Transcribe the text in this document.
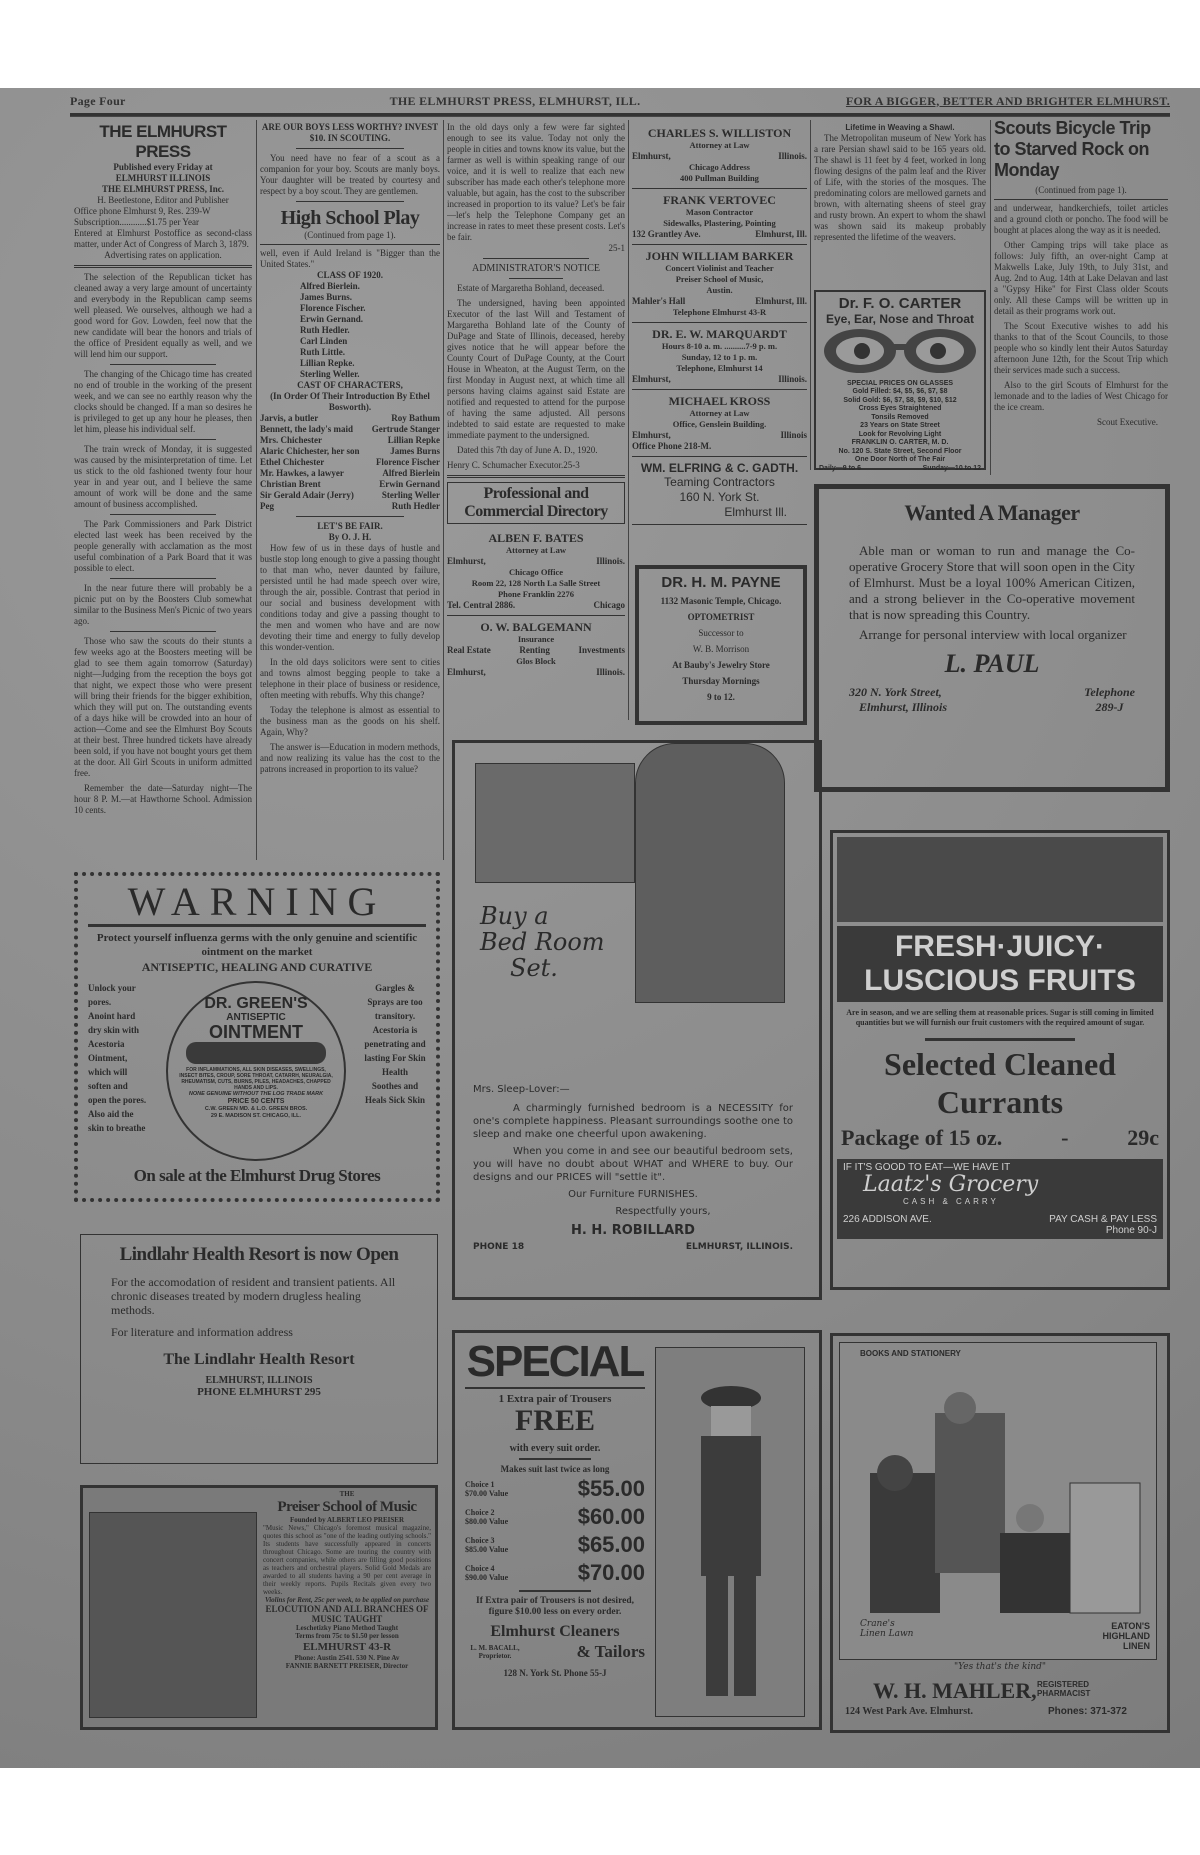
Page Four	THE ELMHURST PRESS, ELMHURST, ILL.	FOR A BIGGER, BETTER AND BRIGHTER ELMHURST.
THE ELMHURST PRESS
Published every Friday at
ELMHURST ILLINOIS
THE ELMHURST PRESS, Inc.
H. Beetlestone, Editor and Publisher
Office phone Elmhurst 9, Res. 239-W
Subscription............$1.75 per Year
Entered at Elmhurst Postoffice as second-class matter, under Act of Congress of March 3, 1879.
Advertising rates on application.

The selection of the Republican ticket has cleaned away a very large amount of uncertainty and everybody in the Republican camp seems well pleased. We ourselves, although we had a good word for Gov. Lowden, feel now that the new candidate will bear the honors and trials of the office of President equally as well, and we will lend him our support.

The changing of the Chicago time has created no end of trouble in the working of the present week, and we can see no earthly reason why the clocks should be changed. If a man so desires he is privileged to get up any hour he pleases, then let him, please his individual self.

The train wreck of Monday, it is suggested was caused by the misinterpretation of time. Let us stick to the old fashioned twenty four hour year in and year out, and I believe the same amount of work will be done and the same amount of business accomplished.

The Park Commissioners and Park District elected last week has been received by the people generally with acclamation as the most useful combination of a Park Board that it was possible to elect.

In the near future there will probably be a picnic put on by the Boosters Club somewhat similar to the Business Men's Picnic of two years ago.

Those who saw the scouts do their stunts a few weeks ago at the Boosters meeting will be glad to see them again tomorrow (Saturday) night—Judging from the reception the boys got that night, we expect those who were present will bring their friends for the bigger exhibition, which they will put on. The outstanding events of a days hike will be crowded into an hour of action—Come and see the Elmhurst Boy Scouts at their best. Three hundred tickets have already been sold, if you have not bought yours get them at the door. All Girl Scouts in uniform admitted free.

Remember the date—Saturday night—The hour 8 P. M.—at Hawthorne School. Admission 10 cents.

ARE OUR BOYS LESS WORTHY? INVEST $10. IN SCOUTING.

You need have no fear of a scout as a companion for your boy. Scouts are manly boys. Your daughter will be treated by courtesy and respect by a boy scout. They are gentlemen.

High School Play
(Continued from page 1).
well, even if Auld Ireland is "Bigger than the United States."
CLASS OF 1920.
Alfred Bierlein.
James Burns.
Florence Fischer.
Erwin Gernand.
Ruth Hedler.
Carl Linden
Ruth Little.
Lillian Repke.
Sterling Weller.
CAST OF CHARACTERS,
(In Order Of Their Introduction By Ethel Bosworth).
Jarvis, a butler	Roy Bathum
Bennett, the lady's maid Gertrude Stanger
Mrs. Chichester	Lillian Repke
Alaric Chichester, her son	James Burns
Ethel Chichester	Florence Fischer
Mr. Hawkes, a lawyer	Alfred Bierlein
Christian Brent	Erwin Gernand
Sir Gerald Adair (Jerry)	Sterling Weller
Peg	Ruth Hedler
LET'S BE FAIR.
By O. J. H.

How few of us in these days of hustle and bustle stop long enough to give a passing thought to that man who, never daunted by failure, persisted until he had made speech over wire, through the air, possible. Contrast that period in our social and business development with conditions today and give a passing thought to the men and women who have and are now devoting their time and energy to fully develop this wonder-vention.

In the old days solicitors were sent to cities and towns almost begging people to take a telephone in their place of business or residence, often meeting with rebuffs. Why this change?

Today the telephone is almost as essential to the business man as the goods on his shelf. Again, Why?

The answer is—Education in modern methods, and now realizing its value has the cost to the patrons increased in proportion to its value?

In the old days only a few were far sighted enough to see its value. Today not only the people in cities and towns know its value, but the farmer as well is within speaking range of our voice, and it is well to realize that each new subscriber has made each other's telephone more valuable, but again, has the cost to the subscriber increased in proportion to its value? Let's be fair—let's help the Telephone Company get an increase in rates to meet these present costs. Let's be fair.
25-1
ADMINISTRATOR'S NOTICE

Estate of Margaretha Bohland, deceased.

The undersigned, having been appointed Executor of the last Will and Testament of Margaretha Bohland late of the County of DuPage and State of Illinois, deceased, hereby gives notice that he will appear before the County Court of DuPage County, at the Court House in Wheaton, at the August Term, on the first Monday in August next, at which time all persons having claims against said Estate are notified and requested to attend for the purpose of having the same adjusted. All persons indebted to said estate are requested to make immediate payment to the undersigned.

Dated this 7th day of June A. D., 1920.

Henry C. Schumacher Executor.25-3
Professional and Commercial Directory
ALBEN F. BATES
Attorney at Law
Elmhurst,	Illinois.
Chicago Office
Room 22, 128 North La Salle Street
Phone Franklin 2276
Tel. Central 2886.	Chicago
O. W. BALGEMANN
Insurance
Real Estate	Renting	Investments
Glos Block
Elmhurst,	Illinois.
CHARLES S. WILLISTON
Attorney at Law
Elmhurst,	Illinois.
Chicago Address
400 Pullman Building
FRANK VERTOVEC
Mason Contractor
Sidewalks, Plastering, Pointing
132 Grantley Ave.	Elmhurst, Ill.
JOHN WILLIAM BARKER
Concert Violinist and Teacher
Preiser School of Music,
Austin.
Mahler's Hall	Elmhurst, Ill.
Telephone Elmhurst 43-R
DR. E. W. MARQUARDT
Hours 8-10 a. m. ..........7-9 p. m.
Sunday, 12 to 1 p. m.
Telephone, Elmhurst 14
Elmhurst,	Illinois.
MICHAEL KROSS
Attorney at Law
Office, Genslein Building.
Elmhurst,	Illinois
Office Phone 218-M.
WM. ELFRING & C. GADTH.
Teaming Contractors
160 N. York St.
Elmhurst Ill.
DR. H. M. PAYNE
1132 Masonic Temple, Chicago.
OPTOMETRIST
Successor to
W. B. Morrison
At Bauby's Jewelry Store
Thursday Mornings
9 to 12.
Lifetime in Weaving a Shawl.

The Metropolitan museum of New York has a rare Persian shawl said to be 165 years old. The shawl is 11 feet by 4 feet, worked in long flowing designs of the palm leaf and the River of Life, with the stories of the mosques. The predominating colors are mellowed garnets and brown, with alternating sheens of steel gray and rusty brown. An expert to whom the shawl was shown said its makeup probably represented the lifetime of the weavers.

Dr. F. O. CARTER
Eye, Ear, Nose and Throat
SPECIAL PRICES ON GLASSES
Gold Filled: $4, $5, $6, $7, $8
Solid Gold: $6, $7, $8, $9, $10, $12
Cross Eyes Straightened
Tonsils Removed
23 Years on State Street
Look for Revolving Light
FRANKLIN O. CARTER, M. D.
No. 120 S. State Street, Second Floor
One Door North of The Fair
Daily—9 to 6	Sunday—10 to 12
Scouts Bicycle Trip to Starved Rock on Monday
(Continued from page 1).

and underwear, handkerchiefs, toilet articles and a ground cloth or poncho. The food will be bought at places along the way as it is needed.

Other Camping trips will take place as follows: July fifth, an over-night Camp at Makwells Lake, July 19th, to July 31st, and Aug. 2nd to Aug. 14th at Lake Delavan and last a "Gypsy Hike" for First Class older Scouts only. All these Camps will be written up in detail as their programs work out.

The Scout Executive wishes to add his thanks to that of the Scout Councils, to those people who so kindly lent their Autos Saturday afternoon June 12th, for the Scout Trip which their services made such a success.

Also to the girl Scouts of Elmhurst for the lemonade and to the ladies of West Chicago for the ice cream.

Scout Executive.
Wanted A Manager

Able man or woman to run and manage the Co-operative Grocery Store that will soon open in the City of Elmhurst. Must be a loyal 100% American Citizen, and a strong believer in the Co-operative movement that is now spreading this Country.

Arrange for personal interview with local organizer

L. PAUL
320 N. York Street,
Elmhurst, Illinois
Telephone
289-J
WARNING
Protect yourself influenza germs with the only genuine and scientific ointment on the market
ANTISEPTIC, HEALING AND CURATIVE
Unlock your pores.
Anoint hard dry skin with Acestoria Ointment, which will soften and open the pores.
Also aid the skin to breathe
DR. GREEN'S
ANTISEPTIC
OINTMENT
FOR INFLAMMATIONS, ALL SKIN DISEASES, SWELLINGS, INSECT BITES, CROUP, SORE THROAT, CATARRH, NEURALGIA, RHEUMATISM, CUTS, BURNS, PILES, HEADACHES, CHAPPED HANDS AND LIPS.
NONE GENUINE WITHOUT THE LOG TRADE MARK
PRICE 50 CENTS
C.W. GREEN MD. & L.O. GREEN BROS.
29 E. MADISON ST. CHICAGO, ILL.
Gargles & Sprays are too transitory.
Acestoria is penetrating and lasting For Skin Health
Soothes and Heals Sick Skin
On sale at the Elmhurst Drug Stores
Lindlahr Health Resort is now Open

For the accomodation of resident and transient patients. All chronic diseases treated by modern drugless healing methods.

For literature and information address

The Lindlahr Health Resort
ELMHURST, ILLINOIS
PHONE ELMHURST 295
THE
Preiser School of Music
Founded by ALBERT LEO PREISER
"Music News," Chicago's foremost musical magazine, quotes this school as "one of the leading outlying schools." Its students have successfully appeared in concerts throughout Chicago. Some are touring the country with concert companies, while others are filling good positions as teachers and orchestral players. Solid Gold Medals are awarded to all students having a 90 per cent average in their weekly reports. Pupils Recitals given every two weeks.
Violins for Rent, 25c per week, to be applied on purchase
ELOCUTION AND ALL BRANCHES OF MUSIC TAUGHT
Leschetizky Piano Method Taught
Terms from 75c to $1.50 per lesson
ELMHURST 43-R
Phone: Austin 2541. 530 N. Pine Av
FANNIE BARNETT PREISER, Director
Buy a
Bed Room
Set.
Mrs. Sleep-Lover:—

A charmingly furnished bedroom is a NECESSITY for one's complete happiness. Pleasant surroundings soothe one to sleep and make one cheerful upon awakening.

When you come in and see our beautiful bedroom sets, you will have no doubt about WHAT and WHERE to buy. Our designs and our PRICES will "settle it".

Our Furniture FURNISHES.
Respectfully yours,
H. H. ROBILLARD
PHONE 18	ELMHURST, ILLINOIS.
SPECIAL
1 Extra pair of Trousers
FREE
with every suit order.
Makes suit last twice as long
Choice 1
$70.00 Value	$55.00
Choice 2
$80.00 Value	$60.00
Choice 3
$85.00 Value	$65.00
Choice 4
$90.00 Value	$70.00
If Extra pair of Trousers is not desired, figure $10.00 less on every order.
Elmhurst Cleaners
L. M. BACALL, Proprietor.	& Tailors
128 N. York St. Phone 55-J
FRESH·JUICY·
LUSCIOUS FRUITS
Are in season, and we are selling them at reasonable prices. Sugar is still coming in limited quantities but we will furnish our fruit customers with the required amount of sugar.
Selected Cleaned
Currants
Package of 15 oz.	-	29c
IF IT'S GOOD TO EAT—WE HAVE IT
Laatz's Grocery
CASH & CARRY
226 ADDISON AVE.	PAY CASH & PAY LESS
Phone 90-J
BOOKS AND STATIONERY
Crane's Linen Lawn
EATON'S HIGHLAND LINEN
"Yes that's the kind"
W. H. MAHLER, REGISTERED PHARMACIST
124 West Park Ave. Elmhurst.	Phones: 371-372
